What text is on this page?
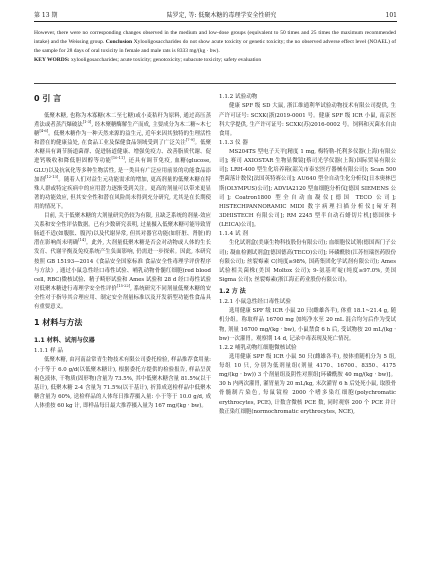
第 13 期	陆罗定, 等: 低聚木糖的毒理学安全性研究	101
However, there were no corresponding changes observed in the medium and low-dose groups (equivalent to 50 times and 25 times the maximum recommended intake) and the Weissing group. Conclusion Xylooligosaccharides do not show acute toxicity or genetic toxicity; the no observed adverse effect level (NOAEL) of the sample for 28 days of oral toxicity in female and male rats is 8333 mg/(kg · bw).
KEY WORDS: xylooligosaccharides; acute toxicity; genotoxicity; subacute toxicity; safety evaluation
0 引 言

低聚木糖, 也称为木寡糖(木二至七糖)或小麦秸秆为原料, 通过高压蒸煮法或者蒸汽爆破法[1-3], 经木聚糖酶解生产而成, 主要成分为木二糖~木七糖[4-6]。低聚木糖作为一种天然来源的益生元, 近年来因其独特的生理活性和潜在的健康益处, 在食品工业及保健食品领域受到了广泛关注[7-9]。低聚木糖具有调节肠道菌群、促进肠道健康、增强免疫力、改善脂质代谢、促进钙吸收和降低胆固醇等功能[10-11], 还具有调节免疫, 血糖(glucose, GLU)以及抗氧化等多种生物活性, 是一类具有广泛应用前景的功能食品添加剂[12-13]。随着人们对益生元功能需求的增加, 更高剂量的低聚木糖在特殊人群或特定疾病中的应用潜力逐渐受到关注。更高的剂量可以带来更显著的功能效应, 但其安全性和潜在风险尚未得到充分研究, 尤其是在长期使用的情况下。

目前, 关于低聚木糖的大剂量研究仍较为有限, 且缺乏系统的剂量-效应关系和安全性评估数据。已有少数研究表明, 过量摄入低聚木糖可能导致胃肠道不适(如腹胀、腹泻)以及代谢异常, 但其对器官功能(如肝脏、肾脏)的潜在影响尚未明确[14]。此外, 大剂量低聚木糖是否会对动物或人体的生长发育、代谢平衡及免疫系统产生负面影响, 仍需进一步探索。因此, 本研究按照 GB 15193—2014《食品安全国家标准 食品安全性毒理学评价程序与方法》, 通过小鼠急性经口毒性试验、哺乳动物骨髓红细胞(red blood cell, RBC)微核试验、精子畸形试验和 Ames 试验和 28 d 经口毒性试验对低聚木糖进行毒理学安全性评价[15-22], 系统研究不同剂量低聚木糖的安全性对于指导其合理应用、制定安全剂量标准以及开发新型功能性食品具有重要意义。

1 材料与方法
1.1 材料、试剂与仪器
1.1.1 样 品

低聚木糖, 由河南益常青生物技术有限公司委托检验, 样品推荐食用量: 小于等于 6.0 g/d(以低聚木糖计), 根据委托方提供的检验报告, 样品呈黄褐色液体, 干物质(固形物)含量为 73.5%, 其中低聚木糖含量 81.5%(以干基计), 低聚木糖 2-4 含量为 71.5%(以干基计), 折算成送检样品中低聚木糖含量为 60%, 送检样品的人体每日推荐摄入量: 小于等于 10.0 g/d, 成人体重按 60 kg 计, 即样品每日最大推荐摄入量为 167 mg/(kg · bw)。

1.1.2 试验动物

健康 SPF 级 SD 大鼠, 浙江维通利华试验动物技术有限公司提供, 生产许可证号: SCXK(浙)2019-0001 号。健康 SPF 级 ICR 小鼠, 南京医科大学提供, 生产许可证号: SCXK(苏)2016-0002 号。饲料和灭菌水自由食用。

1.1.3 仪 器

MS204TS 型电子天平[精度 1 mg, 梅特勒-托利多仪器(上海)有限公司]; 赛司 AXIOSTAR 生物显微镜[蔡司光学仪器(上海)国际贸易有限公司]; LRH-400 型生化培养箱(韶关市泰宏医疗器械有限公司); Scan 500 型菌落计数仪[法国英特赛公司]; AU640 型全自动生化分析仪[日本奥林巴斯(OLYMPUS)公司]; ADVIA2120 型血细胞分析仪[德国 SIEMENS 公司]; Coatron1800 型全自动血凝仪[德国 TECO 公司]; HISTECHPANNORAMIC MIDI 数字病理扫描分析仪[匈牙利 3DHISTECH 有限公司]; RM 2245 型半自动石蜡切片机[德国徕卡(LEICA)公司]。

1.1.4 试 剂

生化试剂盒(美康生物科技股份有限公司); 血细胞仪试剂(德国西门子公司); 凝血检测试剂盒[德国德高(TECO)公司]; 环磷酰胺(江苏恒瑞医药股份有限公司); 丝裂霉素 C(纯度≥98%, 国药集团化学试剂有限公司); Ames 试验相关菌株(美国 Moltox 公司); 9-氨基吖啶(纯度≥97.0%, 美国 Sigma 公司); 丝裂霉素(浙江海正药业股份有限公司)。

1.2 方 法
1.2.1 小鼠急性经口毒性试验

选用健康 SPF 级 ICR 小鼠 20 只(雌雄各半), 体重 18.1~21.4 g, 随机分组。称取样品 16700 mg 加纯净水至 20 mL 混合均匀后作为受试物, 剂量 16700 mg/(kg · bw), 小鼠禁食 6 h 后, 受试物按 20 mL/(kg · bw)一次灌胃。观察期 14 d, 记录中毒表现及死亡情况。

1.2.2 哺乳动物红细胞微核试验

选用健康 SPF 级 ICR 小鼠 50 只(雌雄各半), 按体重随机分为 5 组, 每组 10 只, 分别为低剂量组(剂量 4170、16700、8350、4175 mg/(kg · bw)) 3 个剂量组及阴性对照组[环磷酰胺 40 mg/(kg · bw)]。30 h 内两次灌胃, 灌胃量为 20 mL/kg, 末次灌胃 6 h 后处死小鼠, 取股骨骨髓制片染色, 每鼠镜检 2000 个嗜多染红细胞(polychromatic erythrocytes, PCE), 计数含微核 PCE 数, 同时观察 200 个 PCE 并计数正染红细胞(normochromatic erythrocytes, NCE),
